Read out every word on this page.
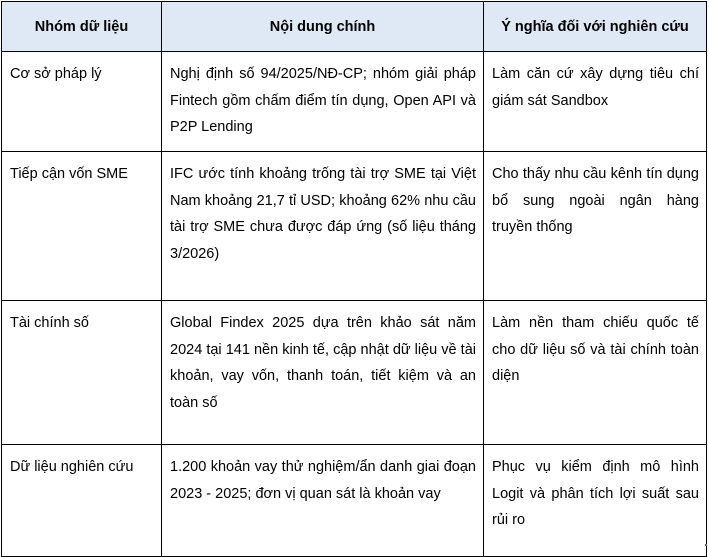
Nhóm dữ liệu	Nội dung chính	Ý nghĩa đối với nghiên cứu
Cơ sở pháp lý	Nghị định số 94/2025/NĐ-CP; nhóm giải pháp Fintech gồm chấm điểm tín dụng, Open API và P2P Lending	Làm căn cứ xây dựng tiêu chí giám sát Sandbox
Tiếp cận vốn SME	IFC ước tính khoảng trống tài trợ SME tại Việt Nam khoảng 21,7 tỉ USD; khoảng 62% nhu cầu tài trợ SME chưa được đáp ứng (số liệu tháng 3/2026)	Cho thấy nhu cầu kênh tín dụng bổ sung ngoài ngân hàng truyền thống
Tài chính số	Global Findex 2025 dựa trên khảo sát năm 2024 tại 141 nền kinh tế, cập nhật dữ liệu về tài khoản, vay vốn, thanh toán, tiết kiệm và an toàn số	Làm nền tham chiếu quốc tế cho dữ liệu số và tài chính toàn diện
Dữ liệu nghiên cứu	1.200 khoản vay thử nghiệm/ẩn danh giai đoạn 2023 - 2025; đơn vị quan sát là khoản vay	Phục vụ kiểm định mô hình Logit và phân tích lợi suất sau rủi ro
